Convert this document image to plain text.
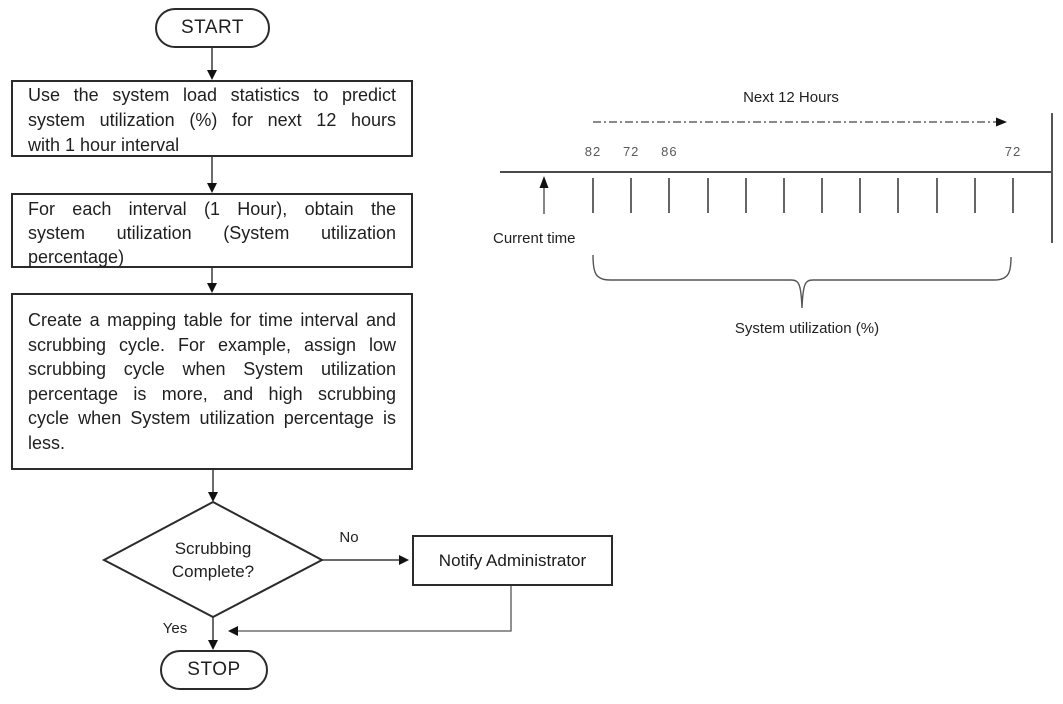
START
Use the system load statistics to predict
system utilization (%) for next 12 hours
with 1 hour interval
For each interval (1 Hour), obtain the
system utilization (System utilization
percentage)
Create a mapping table for time interval and
scrubbing cycle. For example, assign low
scrubbing cycle when System utilization
percentage is more, and high scrubbing
cycle when System utilization percentage is
less.
Scrubbing Complete?
No
Yes
Notify Administrator
STOP
Next 12 Hours
Current time
System utilization (%)
82	72	86	72
